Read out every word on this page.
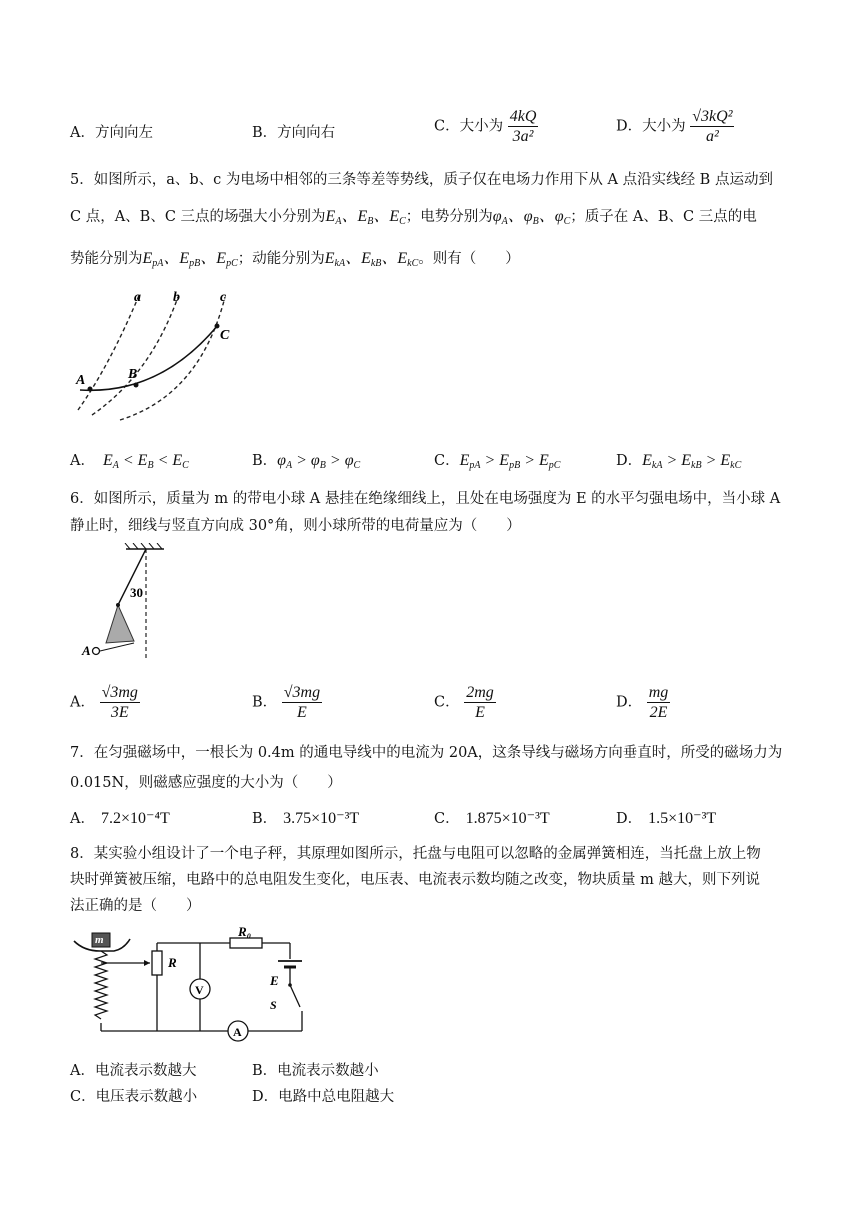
A．方向向左	B．方向向右	C．大小为 $\frac{4kQ}{\text{3a²}}$	D．大小为 $\frac{\text{√3kQ²}}{\text{a²}}$
5．如图所示，a、b、c 为电场中相邻的三条等差等势线，质子仅在电场力作用下从 A 点沿实线经 B 点运动到
C 点，A、B、C 三点的场强大小分别为$E_A$、$E_B$、$E_C$；电势分别为$\varphi_A$、$\varphi_B$、$\varphi_C$；质子在 A、B、C 三点的电
势能分别为$E_{pA}$、$E_{pB}$、$E_{pC}$；动能分别为$E_{kA}$、$E_{kB}$、$E_{kC}$。则有（　　）
a b	c
A	B
C
A． $E_A < E_B < E_C$	B．$\varphi_A > \varphi_B > \varphi_C$	C．$E_{pA} > E_{pB} > E_{pC}$	D．$E_{kA} > E_{kB} > E_{kC}$
6．如图所示，质量为 m 的带电小球 A 悬挂在绝缘细线上，且处在电场强度为 E 的水平匀强电场中，当小球 A
静止时，细线与竖直方向成 30°角，则小球所带的电荷量应为（　　）
30
A
A． $\frac{√3mg}{3E}$	B． $\frac{√3mg}{E}$	C． $\frac{2mg}{E}$	D． $\frac{mg}{2E}$
7．在匀强磁场中，一根长为 0.4m 的通电导线中的电流为 20A，这条导线与磁场方向垂直时，所受的磁场力为
0.015N，则磁感应强度的大小为（　　）
A． 7.2×10⁻⁴T	B． 3.75×10⁻³T	C． 1.875×10⁻³T	D． 1.5×10⁻³T
8．某实验小组设计了一个电子秤，其原理如图所示，托盘与电阻可以忽略的金属弹簧相连，当托盘上放上物
块时弹簧被压缩，电路中的总电阻发生变化，电压表、电流表示数均随之改变，物块质量 m 越大，则下列说
法正确的是（　　）
m
R
R₀
E
S
V
A
A．电流表示数越大	B．电流表示数越小
C．电压表示数越小	D．电路中总电阻越大
